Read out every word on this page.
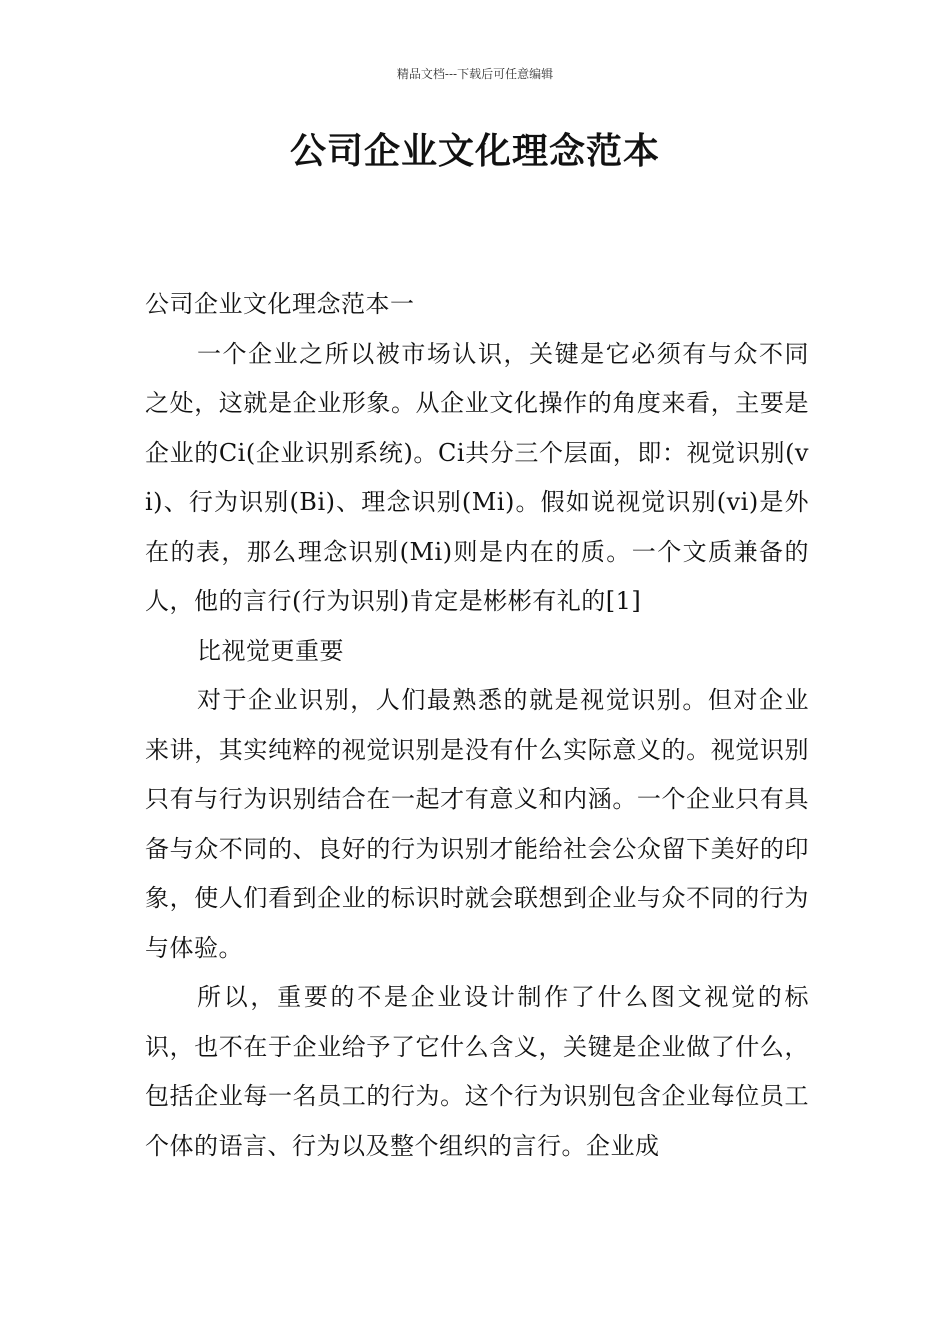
精品文档---下载后可任意编辑
公司企业文化理念范本

公司企业文化理念范本一

一个企业之所以被市场认识，关键是它必须有与众不同之处，这就是企业形象。从企业文化操作的角度来看，主要是企业的Ci(企业识别系统)。Ci共分三个层面，即：视觉识别(vi)、行为识别(Bi)、理念识别(Mi)。假如说视觉识别(vi)是外在的表，那么理念识别(Mi)则是内在的质。一个文质兼备的人，他的言行(行为识别)肯定是彬彬有礼的[1]

比视觉更重要

对于企业识别，人们最熟悉的就是视觉识别。但对企业来讲，其实纯粹的视觉识别是没有什么实际意义的。视觉识别只有与行为识别结合在一起才有意义和内涵。一个企业只有具备与众不同的、良好的行为识别才能给社会公众留下美好的印象，使人们看到企业的标识时就会联想到企业与众不同的行为与体验。

所以，重要的不是企业设计制作了什么图文视觉的标识，也不在于企业给予了它什么含义，关键是企业做了什么，包括企业每一名员工的行为。这个行为识别包含企业每位员工个体的语言、行为以及整个组织的言行。企业成
